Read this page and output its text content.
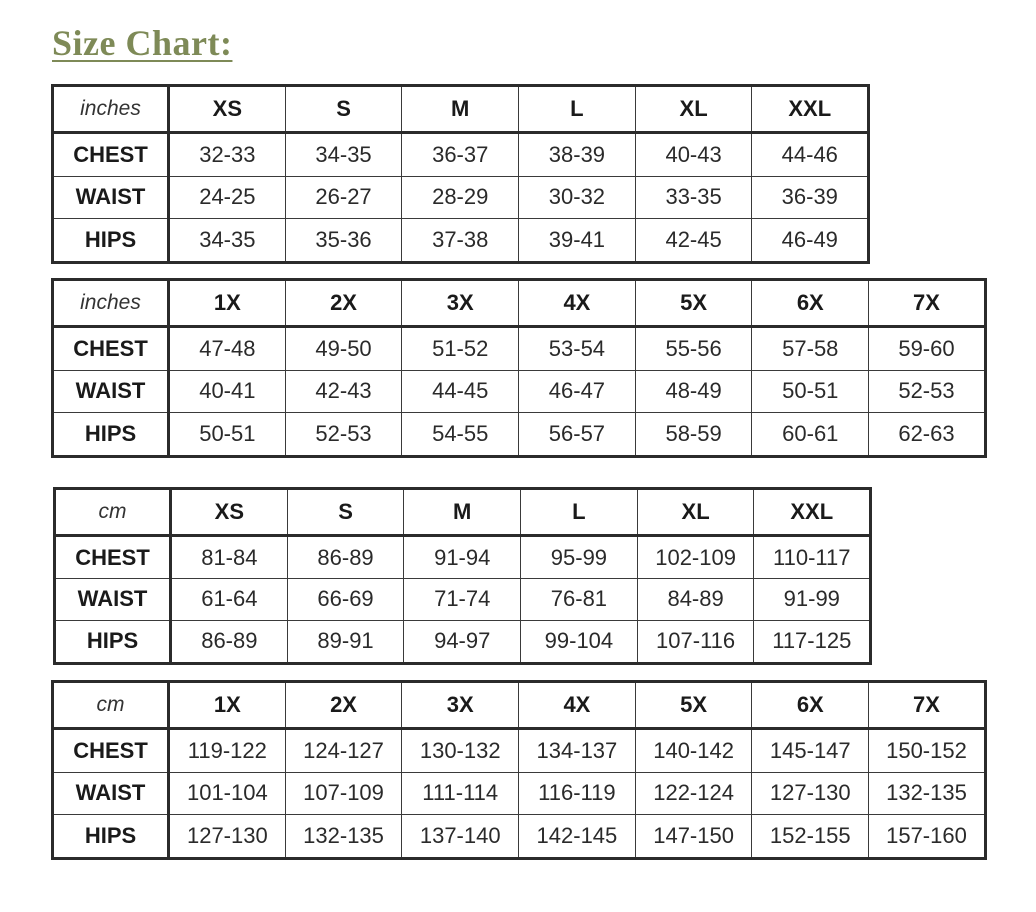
Size Chart:
inches	XS	S	M	L	XL	XXL
CHEST	32-33	34-35	36-37	38-39	40-43	44-46
WAIST	24-25	26-27	28-29	30-32	33-35	36-39
HIPS	34-35	35-36	37-38	39-41	42-45	46-49
inches	1X	2X	3X	4X	5X	6X	7X
CHEST	47-48	49-50	51-52	53-54	55-56	57-58	59-60
WAIST	40-41	42-43	44-45	46-47	48-49	50-51	52-53
HIPS	50-51	52-53	54-55	56-57	58-59	60-61	62-63
cm	XS	S	M	L	XL	XXL
CHEST	81-84	86-89	91-94	95-99	102-109	110-117
WAIST	61-64	66-69	71-74	76-81	84-89	91-99
HIPS	86-89	89-91	94-97	99-104	107-116	117-125
cm	1X	2X	3X	4X	5X	6X	7X
CHEST	119-122	124-127	130-132	134-137	140-142	145-147	150-152
WAIST	101-104	107-109	111-114	116-119	122-124	127-130	132-135
HIPS	127-130	132-135	137-140	142-145	147-150	152-155	157-160
